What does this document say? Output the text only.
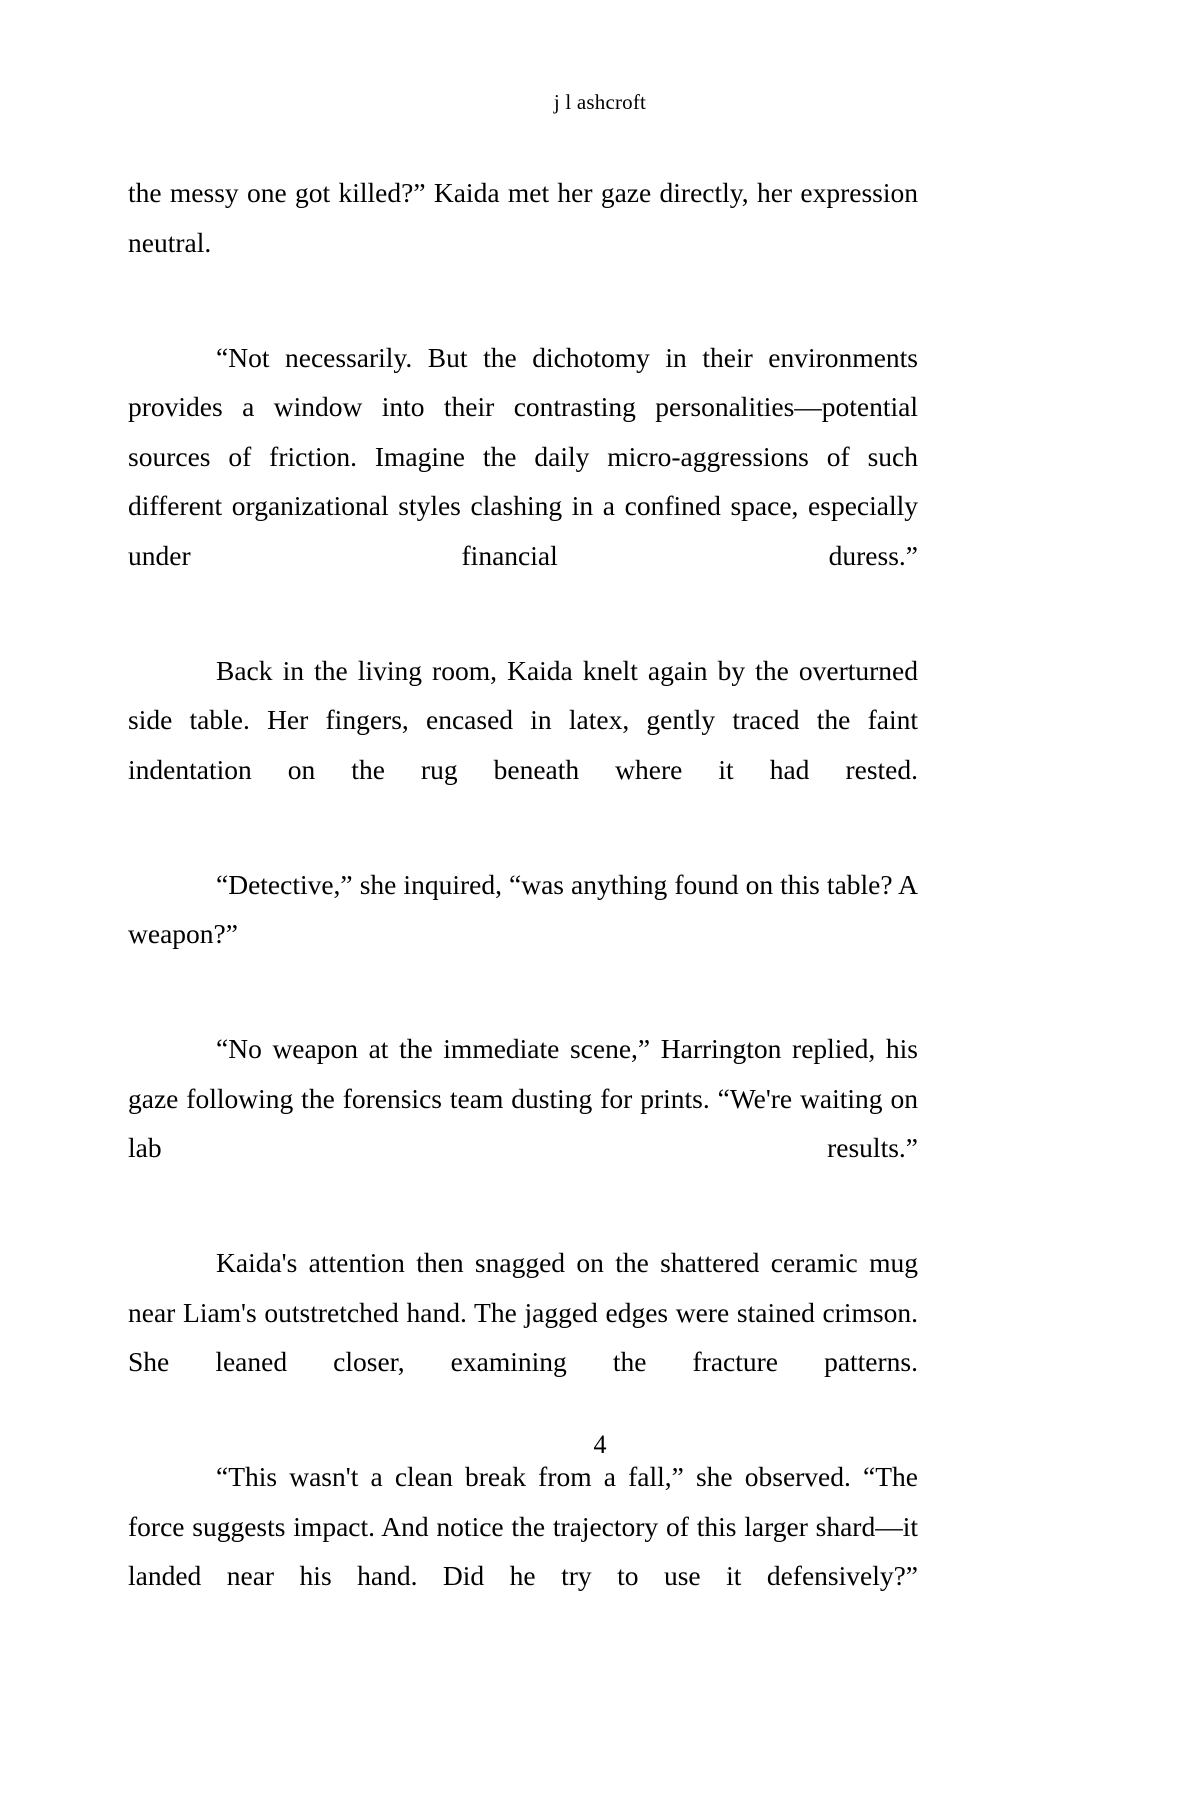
j l ashcroft

the messy one got killed?” Kaida met her gaze directly, her expression neutral.

“Not necessarily. But the dichotomy in their environments provides a window into their contrasting personalities—potential sources of friction. Imagine the daily micro-aggressions of such different organizational styles clashing in a confined space, especially under financial duress.”

Back in the living room, Kaida knelt again by the overturned side table. Her fingers, encased in latex, gently traced the faint indentation on the rug beneath where it had rested.

“Detective,” she inquired, “was anything found on this table? A weapon?”

“No weapon at the immediate scene,” Harrington replied, his gaze following the forensics team dusting for prints. “We're waiting on lab results.”

Kaida's attention then snagged on the shattered ceramic mug near Liam's outstretched hand. The jagged edges were stained crimson. She leaned closer, examining the fracture patterns.

“This wasn't a clean break from a fall,” she observed. “The force suggests impact. And notice the trajectory of this larger shard—it landed near his hand. Did he try to use it defensively?”

4
